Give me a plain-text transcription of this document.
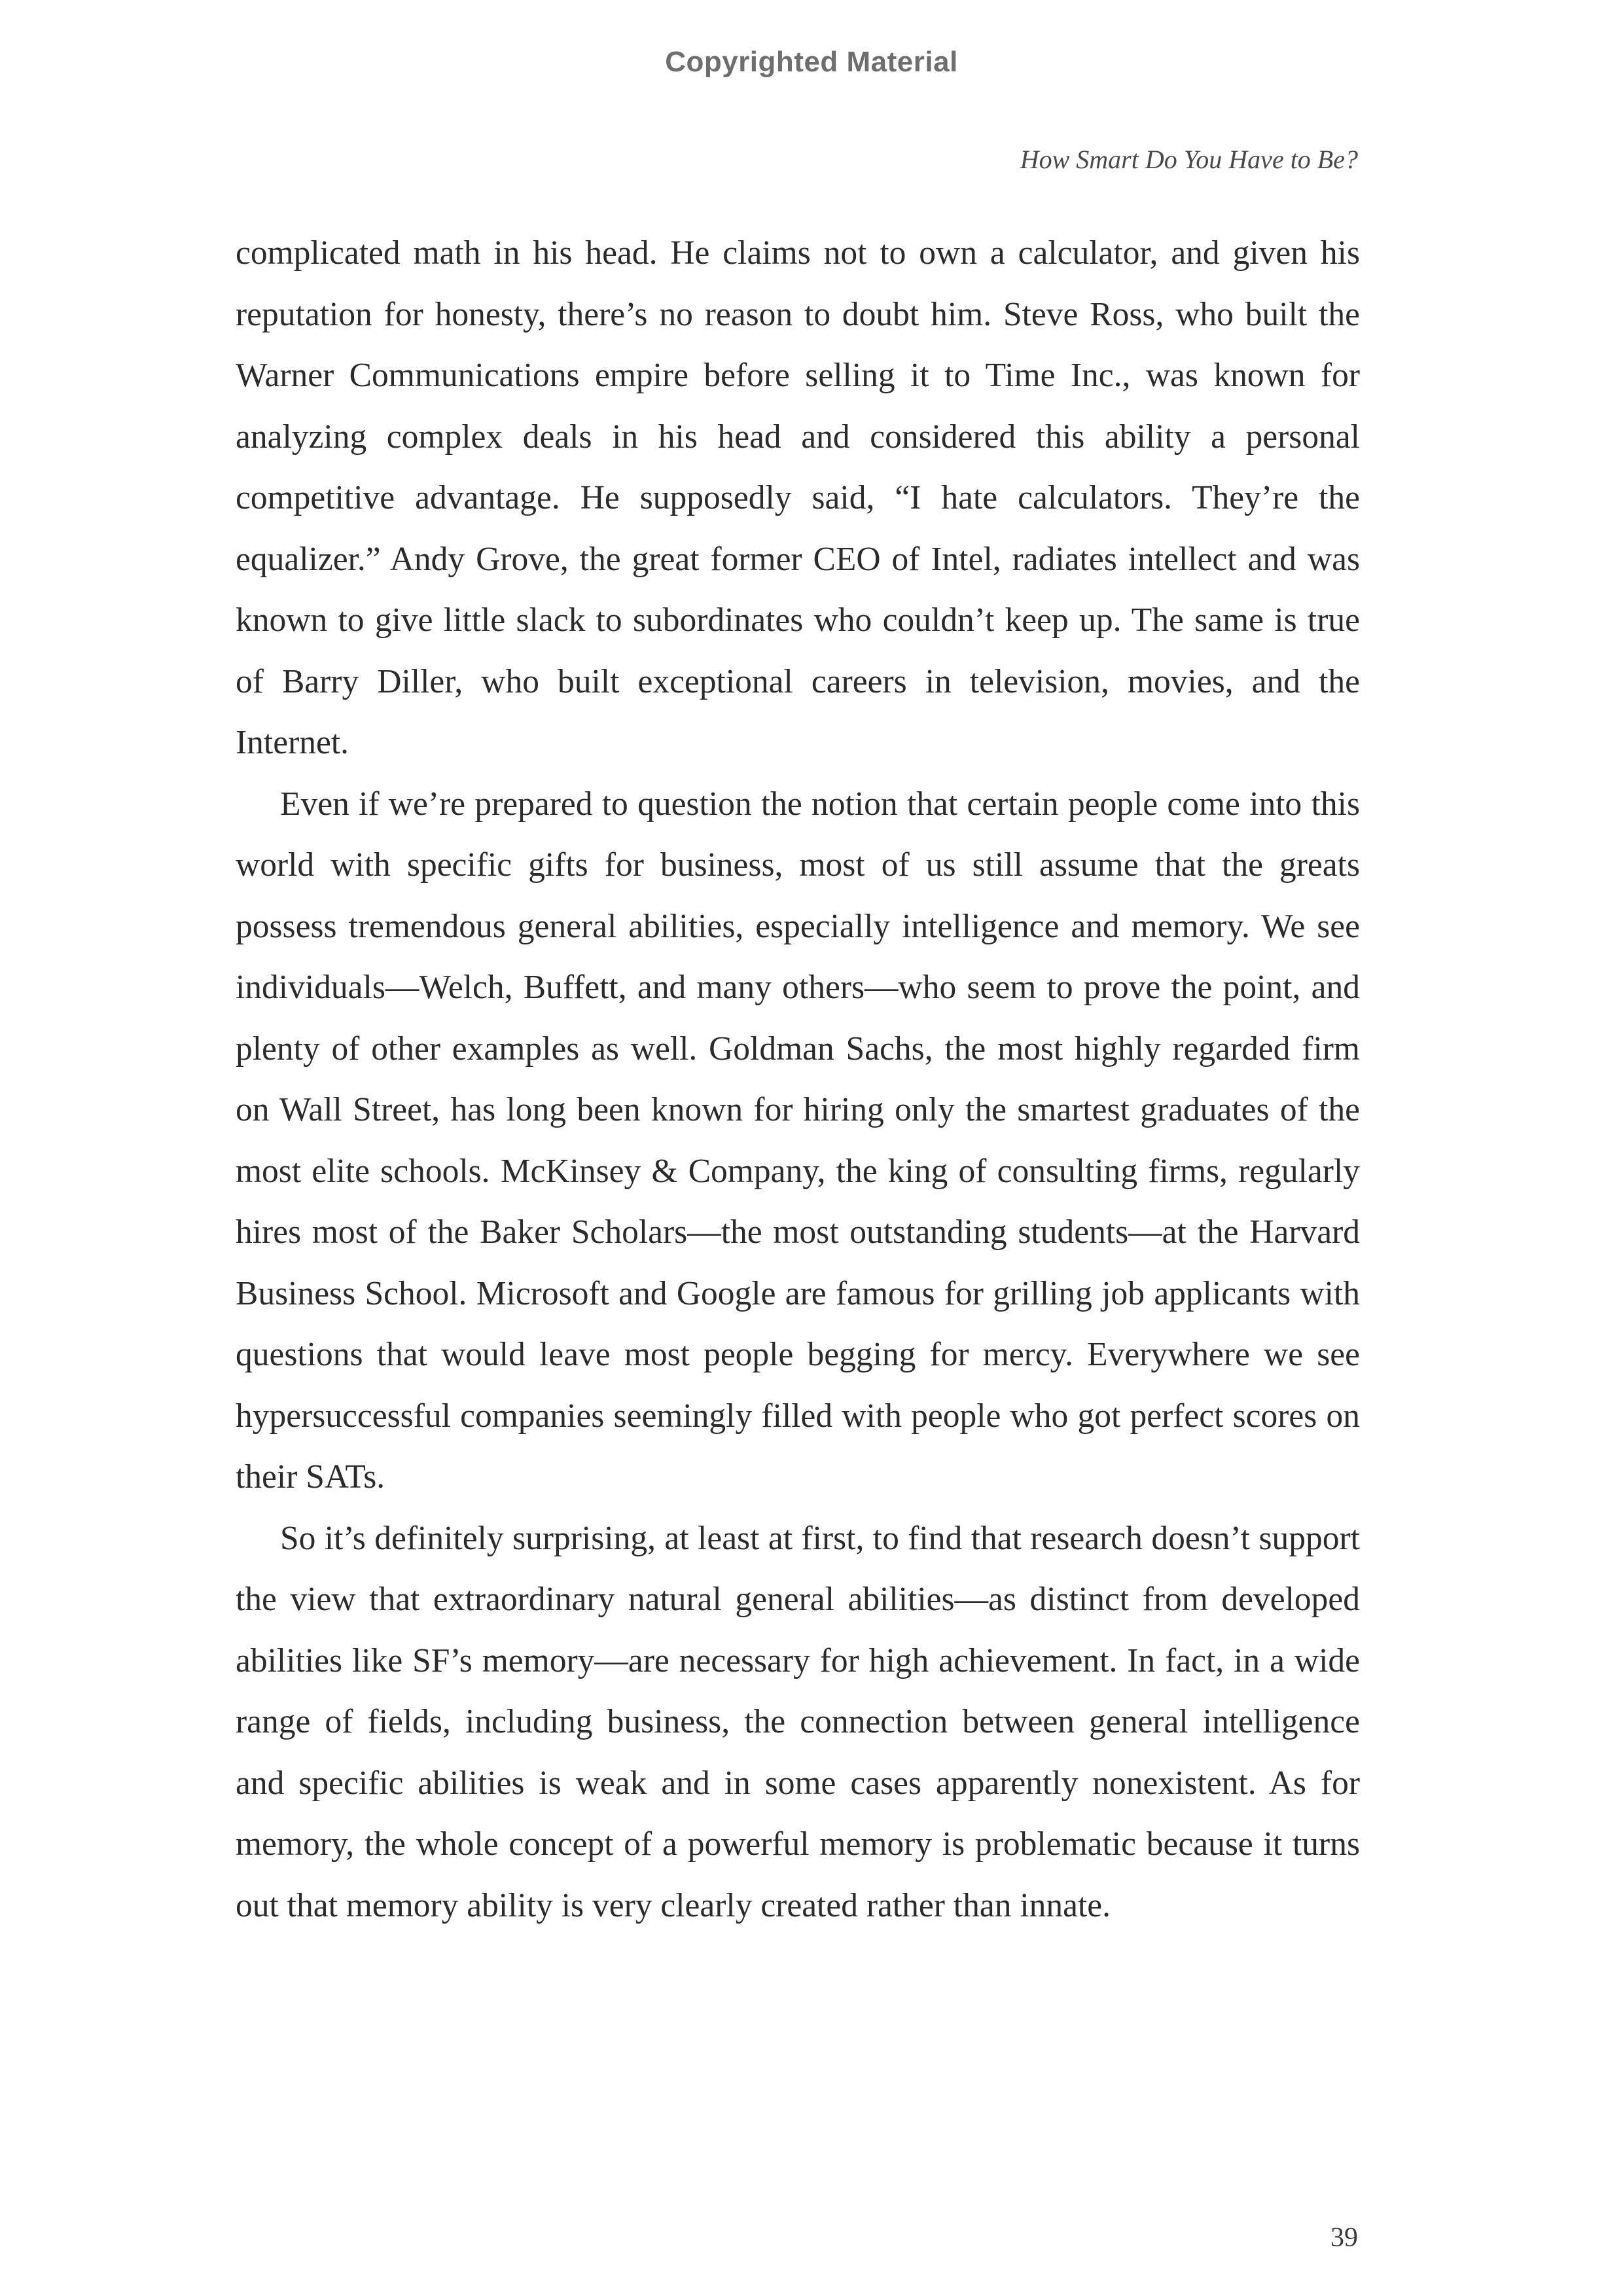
Copyrighted Material
How Smart Do You Have to Be?

complicated math in his head. He claims not to own a calculator, and given his reputation for honesty, there’s no reason to doubt him. Steve Ross, who built the Warner Communications empire before selling it to Time Inc., was known for analyzing complex deals in his head and considered this ability a personal competitive advantage. He supposedly said, “I hate calculators. They’re the equalizer.” Andy Grove, the great former CEO of Intel, radiates intellect and was known to give little slack to subordinates who couldn’t keep up. The same is true of Barry Diller, who built exceptional careers in television, movies, and the Internet.

Even if we’re prepared to question the notion that certain people come into this world with specific gifts for business, most of us still assume that the greats possess tremendous general abilities, especially intelligence and memory. We see individuals—Welch, Buffett, and many others—who seem to prove the point, and plenty of other examples as well. Goldman Sachs, the most highly regarded firm on Wall Street, has long been known for hiring only the smartest graduates of the most elite schools. McKinsey & Company, the king of consulting firms, regularly hires most of the Baker Scholars—the most outstanding students—at the Harvard Business School. Microsoft and Google are famous for grilling job applicants with questions that would leave most people begging for mercy. Everywhere we see hypersuccessful companies seemingly filled with people who got perfect scores on their SATs.

So it’s definitely surprising, at least at first, to find that research doesn’t support the view that extraordinary natural general abilities—as distinct from developed abilities like SF’s memory—are necessary for high achievement. In fact, in a wide range of fields, including business, the connection between general intelligence and specific abilities is weak and in some cases apparently nonexistent. As for memory, the whole concept of a powerful memory is problematic because it turns out that memory ability is very clearly created rather than innate.

39
